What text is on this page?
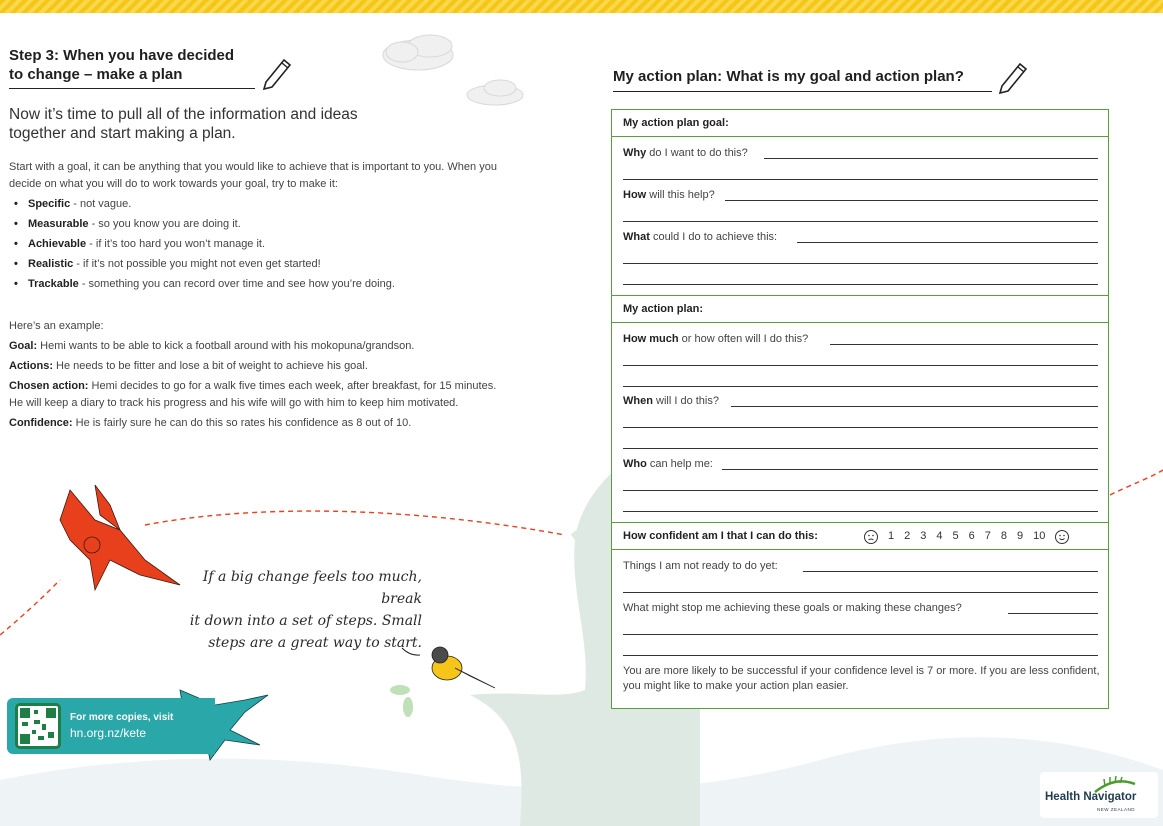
Step 3: When you have decided
to change – make a plan
Now it’s time to pull all of the information and ideas together and start making a plan.
Start with a goal, it can be anything that you would like to achieve that is important to you. When you decide on what you will do to work towards your goal, try to make it:
• Specific - not vague.
• Measurable - so you know you are doing it.
• Achievable - if it’s too hard you won’t manage it.
• Realistic - if it’s not possible you might not even get started!
• Trackable - something you can record over time and see how you’re doing.

Here’s an example:

Goal: Hemi wants to be able to kick a football around with his mokopuna/grandson.

Actions: He needs to be fitter and lose a bit of weight to achieve his goal.

Chosen action: Hemi decides to go for a walk five times each week, after breakfast, for 15 minutes. He will keep a diary to track his progress and his wife will go with him to keep him motivated.

Confidence: He is fairly sure he can do this so rates his confidence as 8 out of 10.

If a big change feels too much, break
it down into a set of steps. Small
steps are a great way to start.
For more copies, visit
hn.org.nz/kete
My action plan: What is my goal and action plan?
My action plan goal:
Why do I want to do this?
How will this help?
What could I do to achieve this:
My action plan:
How much or how often will I do this?
When will I do this?
Who can help me:
How confident am I that I can do this:	1 2 3 4 5 6 7 8 9 10
Things I am not ready to do yet:
What might stop me achieving these goals or making these changes?
You are more likely to be successful if your confidence level is 7 or more. If you are less confident, you might like to make your action plan easier.
Health Navigator
NEW ZEALAND
